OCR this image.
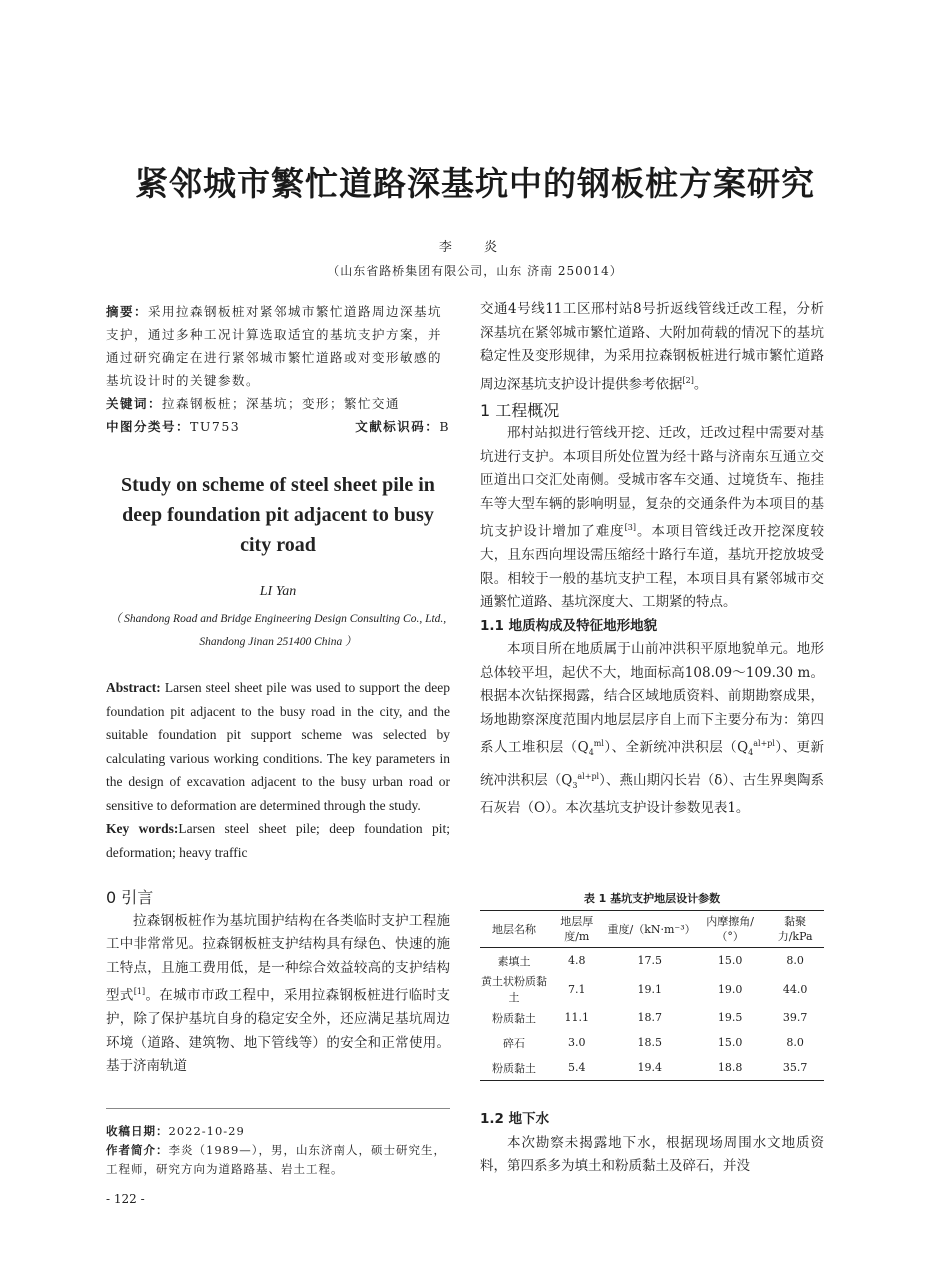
紧邻城市繁忙道路深基坑中的钢板桩方案研究
李 炎
（山东省路桥集团有限公司，山东 济南 250014）
摘要：采用拉森钢板桩对紧邻城市繁忙道路周边深基坑支护，通过多种工况计算选取适宜的基坑支护方案，并通过研究确定在进行紧邻城市繁忙道路或对变形敏感的基坑设计时的关键参数。
关键词：拉森钢板桩；深基坑；变形；繁忙交通
中图分类号：TU753	文献标识码：B
Study on scheme of steel sheet pile in deep foundation pit adjacent to busy city road
LI Yan
（ Shandong Road and Bridge Engineering Design Consulting Co., Ltd., Shandong Jinan 251400 China ）
Abstract: Larsen steel sheet pile was used to support the deep foundation pit adjacent to the busy road in the city, and the suitable foundation pit support scheme was selected by calculating various working conditions. The key parameters in the design of excavation adjacent to the busy urban road or sensitive to deformation are determined through the study.
Key words:Larsen steel sheet pile; deep foundation pit; deformation; heavy traffic
0 引言

拉森钢板桩作为基坑围护结构在各类临时支护工程施工中非常常见。拉森钢板桩支护结构具有绿色、快速的施工特点，且施工费用低，是一种综合效益较高的支护结构型式[1]。在城市市政工程中，采用拉森钢板桩进行临时支护，除了保护基坑自身的稳定安全外，还应满足基坑周边环境（道路、建筑物、地下管线等）的安全和正常使用。基于济南轨道

收稿日期：2022-10-29
作者简介：李炎（1989—），男，山东济南人，硕士研究生，工程师，研究方向为道路路基、岩土工程。
- 122 -
交通4号线11工区邢村站8号折返线管线迁改工程，分析深基坑在紧邻城市繁忙道路、大附加荷载的情况下的基坑稳定性及变形规律，为采用拉森钢板桩进行城市繁忙道路周边深基坑支护设计提供参考依据[2]。
1 工程概况

邢村站拟进行管线开挖、迁改，迁改过程中需要对基坑进行支护。本项目所处位置为经十路与济南东互通立交匝道出口交汇处南侧。受城市客车交通、过境货车、拖挂车等大型车辆的影响明显，复杂的交通条件为本项目的基坑支护设计增加了难度[3]。本项目管线迁改开挖深度较大，且东西向埋设需压缩经十路行车道，基坑开挖放坡受限。相较于一般的基坑支护工程，本项目具有紧邻城市交通繁忙道路、基坑深度大、工期紧的特点。

1.1 地质构成及特征地形地貌

本项目所在地质属于山前冲洪积平原地貌单元。地形总体较平坦，起伏不大，地面标高108.09～109.30 m。根据本次钻探揭露，结合区域地质资料、前期勘察成果，场地勘察深度范围内地层层序自上而下主要分布为：第四系人工堆积层$(Q_4^{ml})$、全新统冲洪积层$(Q_4^{al+pl})$、更新统冲洪积层$(Q_3^{al+pl})$、燕山期闪长岩（δ）、古生界奥陶系石灰岩（O）。本次基坑支护设计参数见表1。

表 1 基坑支护地层设计参数
地层名称	地层厚度/m	重度/（kN·m⁻³）	内摩擦角/（°）	黏聚力/kPa
素填土	4.8	17.5	15.0	8.0
黄土状粉质黏土	7.1	19.1	19.0	44.0
粉质黏土	11.1	18.7	19.5	39.7
碎石	3.0	18.5	15.0	8.0
粉质黏土	5.4	19.4	18.8	35.7
1.2 地下水

本次勘察未揭露地下水，根据现场周围水文地质资料，第四系多为填土和粉质黏土及碎石，并没
